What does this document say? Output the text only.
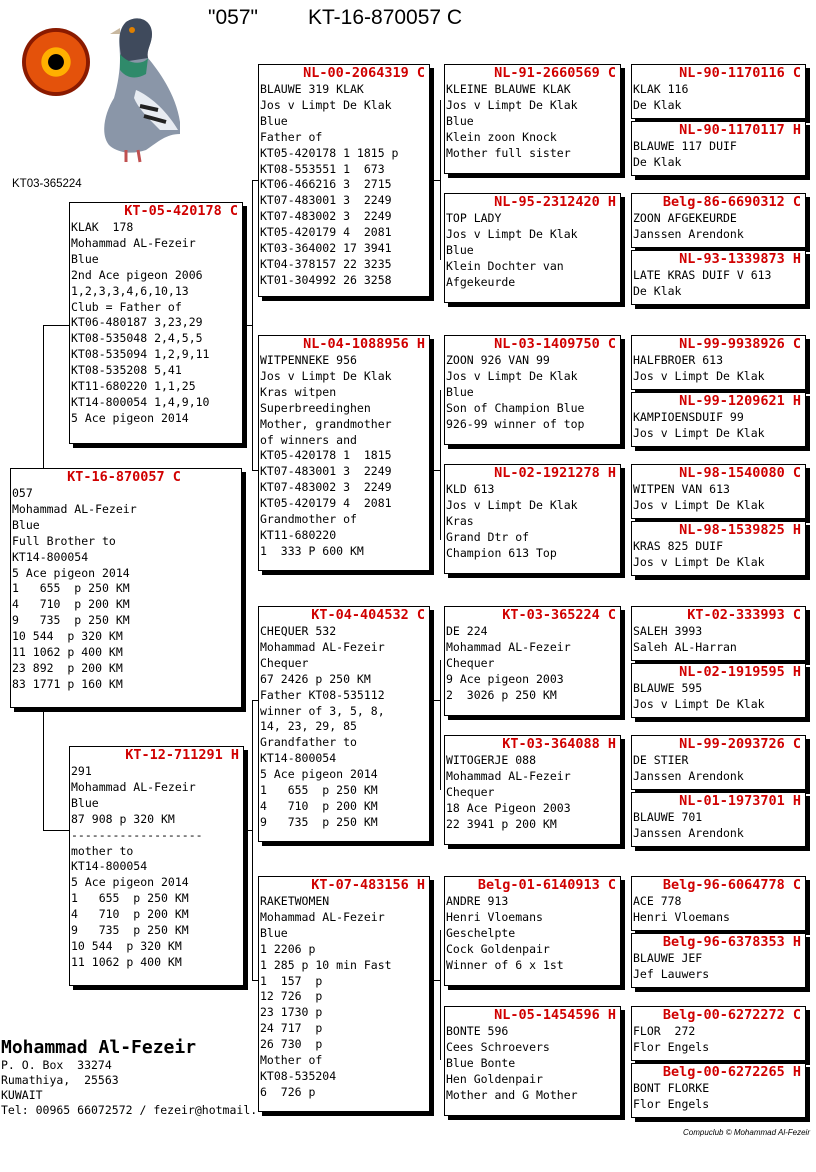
"057" KT-16-870057 C
KT03-365224
KT-16-870057 C
057
Mohammad AL-Fezeir
Blue
Full Brother to
KT14-800054
5 Ace pigeon 2014
1   655  p 250 KM
4   710  p 200 KM
9   735  p 250 KM
10 544  p 320 KM
11 1062 p 400 KM
23 892  p 200 KM
83 1771 p 160 KM
KT-05-420178 C
KLAK  178
Mohammad AL-Fezeir
Blue
2nd Ace pigeon 2006
1,2,3,3,4,6,10,13
Club = Father of
KT06-480187 3,23,29
KT08-535048 2,4,5,5
KT08-535094 1,2,9,11
KT08-535208 5,41
KT11-680220 1,1,25
KT14-800054 1,4,9,10
5 Ace pigeon 2014
KT-12-711291 H
291
Mohammad AL-Fezeir
Blue
87 908 p 320 KM
-------------------
mother to
KT14-800054
5 Ace pigeon 2014
1   655  p 250 KM
4   710  p 200 KM
9   735  p 250 KM
10 544  p 320 KM
11 1062 p 400 KM
NL-00-2064319 C
BLAUWE 319 KLAK
Jos v Limpt De Klak
Blue
Father of
KT05-420178 1 1815 p
KT08-553551 1  673
KT06-466216 3  2715
KT07-483001 3  2249
KT07-483002 3  2249
KT05-420179 4  2081
KT03-364002 17 3941
KT04-378157 22 3235
KT01-304992 26 3258
NL-04-1088956 H
WITPENNEKE 956
Jos v Limpt De Klak
Kras witpen
Superbreedinghen
Mother, grandmother
of winners and
KT05-420178 1  1815
KT07-483001 3  2249
KT07-483002 3  2249
KT05-420179 4  2081
Grandmother of
KT11-680220
1  333 P 600 KM
KT-04-404532 C
CHEQUER 532
Mohammad AL-Fezeir
Chequer
67 2426 p 250 KM
Father KT08-535112
winner of 3, 5, 8,
14, 23, 29, 85
Grandfather to
KT14-800054
5 Ace pigeon 2014
1   655  p 250 KM
4   710  p 200 KM
9   735  p 250 KM
KT-07-483156 H
RAKETWOMEN
Mohammad AL-Fezeir
Blue
1 2206 p
1 285 p 10 min Fast
1  157  p
12 726  p
23 1730 p
24 717  p
26 730  p
Mother of
KT08-535204
6  726 p
NL-91-2660569 C
KLEINE BLAUWE KLAK
Jos v Limpt De Klak
Blue
Klein zoon Knock
Mother full sister
NL-95-2312420 H
TOP LADY
Jos v Limpt De Klak
Blue
Klein Dochter van
Afgekeurde
NL-03-1409750 C
ZOON 926 VAN 99
Jos v Limpt De Klak
Blue
Son of Champion Blue
926-99 winner of top
NL-02-1921278 H
KLD 613
Jos v Limpt De Klak
Kras
Grand Dtr of
Champion 613 Top
KT-03-365224 C
DE 224
Mohammad AL-Fezeir
Chequer
9 Ace pigeon 2003
2  3026 p 250 KM
KT-03-364088 H
WITOGERJE 088
Mohammad AL-Fezeir
Chequer
18 Ace Pigeon 2003
22 3941 p 200 KM
Belg-01-6140913 C
ANDRE 913
Henri Vloemans
Geschelpte
Cock Goldenpair
Winner of 6 x 1st
NL-05-1454596 H
BONTE 596
Cees Schroevers
Blue Bonte
Hen Goldenpair
Mother and G Mother
NL-90-1170116 C
KLAK 116
De Klak
NL-90-1170117 H
BLAUWE 117 DUIF
De Klak
Belg-86-6690312 C
ZOON AFGEKEURDE
Janssen Arendonk
NL-93-1339873 H
LATE KRAS DUIF V 613
De Klak
NL-99-9938926 C
HALFBROER 613
Jos v Limpt De Klak
NL-99-1209621 H
KAMPIOENSDUIF 99
Jos v Limpt De Klak
NL-98-1540080 C
WITPEN VAN 613
Jos v Limpt De Klak
NL-98-1539825 H
KRAS 825 DUIF
Jos v Limpt De Klak
KT-02-333993 C
SALEH 3993
Saleh AL-Harran
NL-02-1919595 H
BLAUWE 595
Jos v Limpt De Klak
NL-99-2093726 C
DE STIER
Janssen Arendonk
NL-01-1973701 H
BLAUWE 701
Janssen Arendonk
Belg-96-6064778 C
ACE 778
Henri Vloemans
Belg-96-6378353 H
BLAUWE JEF
Jef Lauwers
Belg-00-6272272 C
FLOR  272
Flor Engels
Belg-00-6272265 H
BONT FLORKE
Flor Engels
Mohammad Al-Fezeir
P. O. Box  33274
Rumathiya,  25563
KUWAIT
Tel: 00965 66072572 / fezeir@hotmail.
Compuclub © Mohammad Al-Fezeir
